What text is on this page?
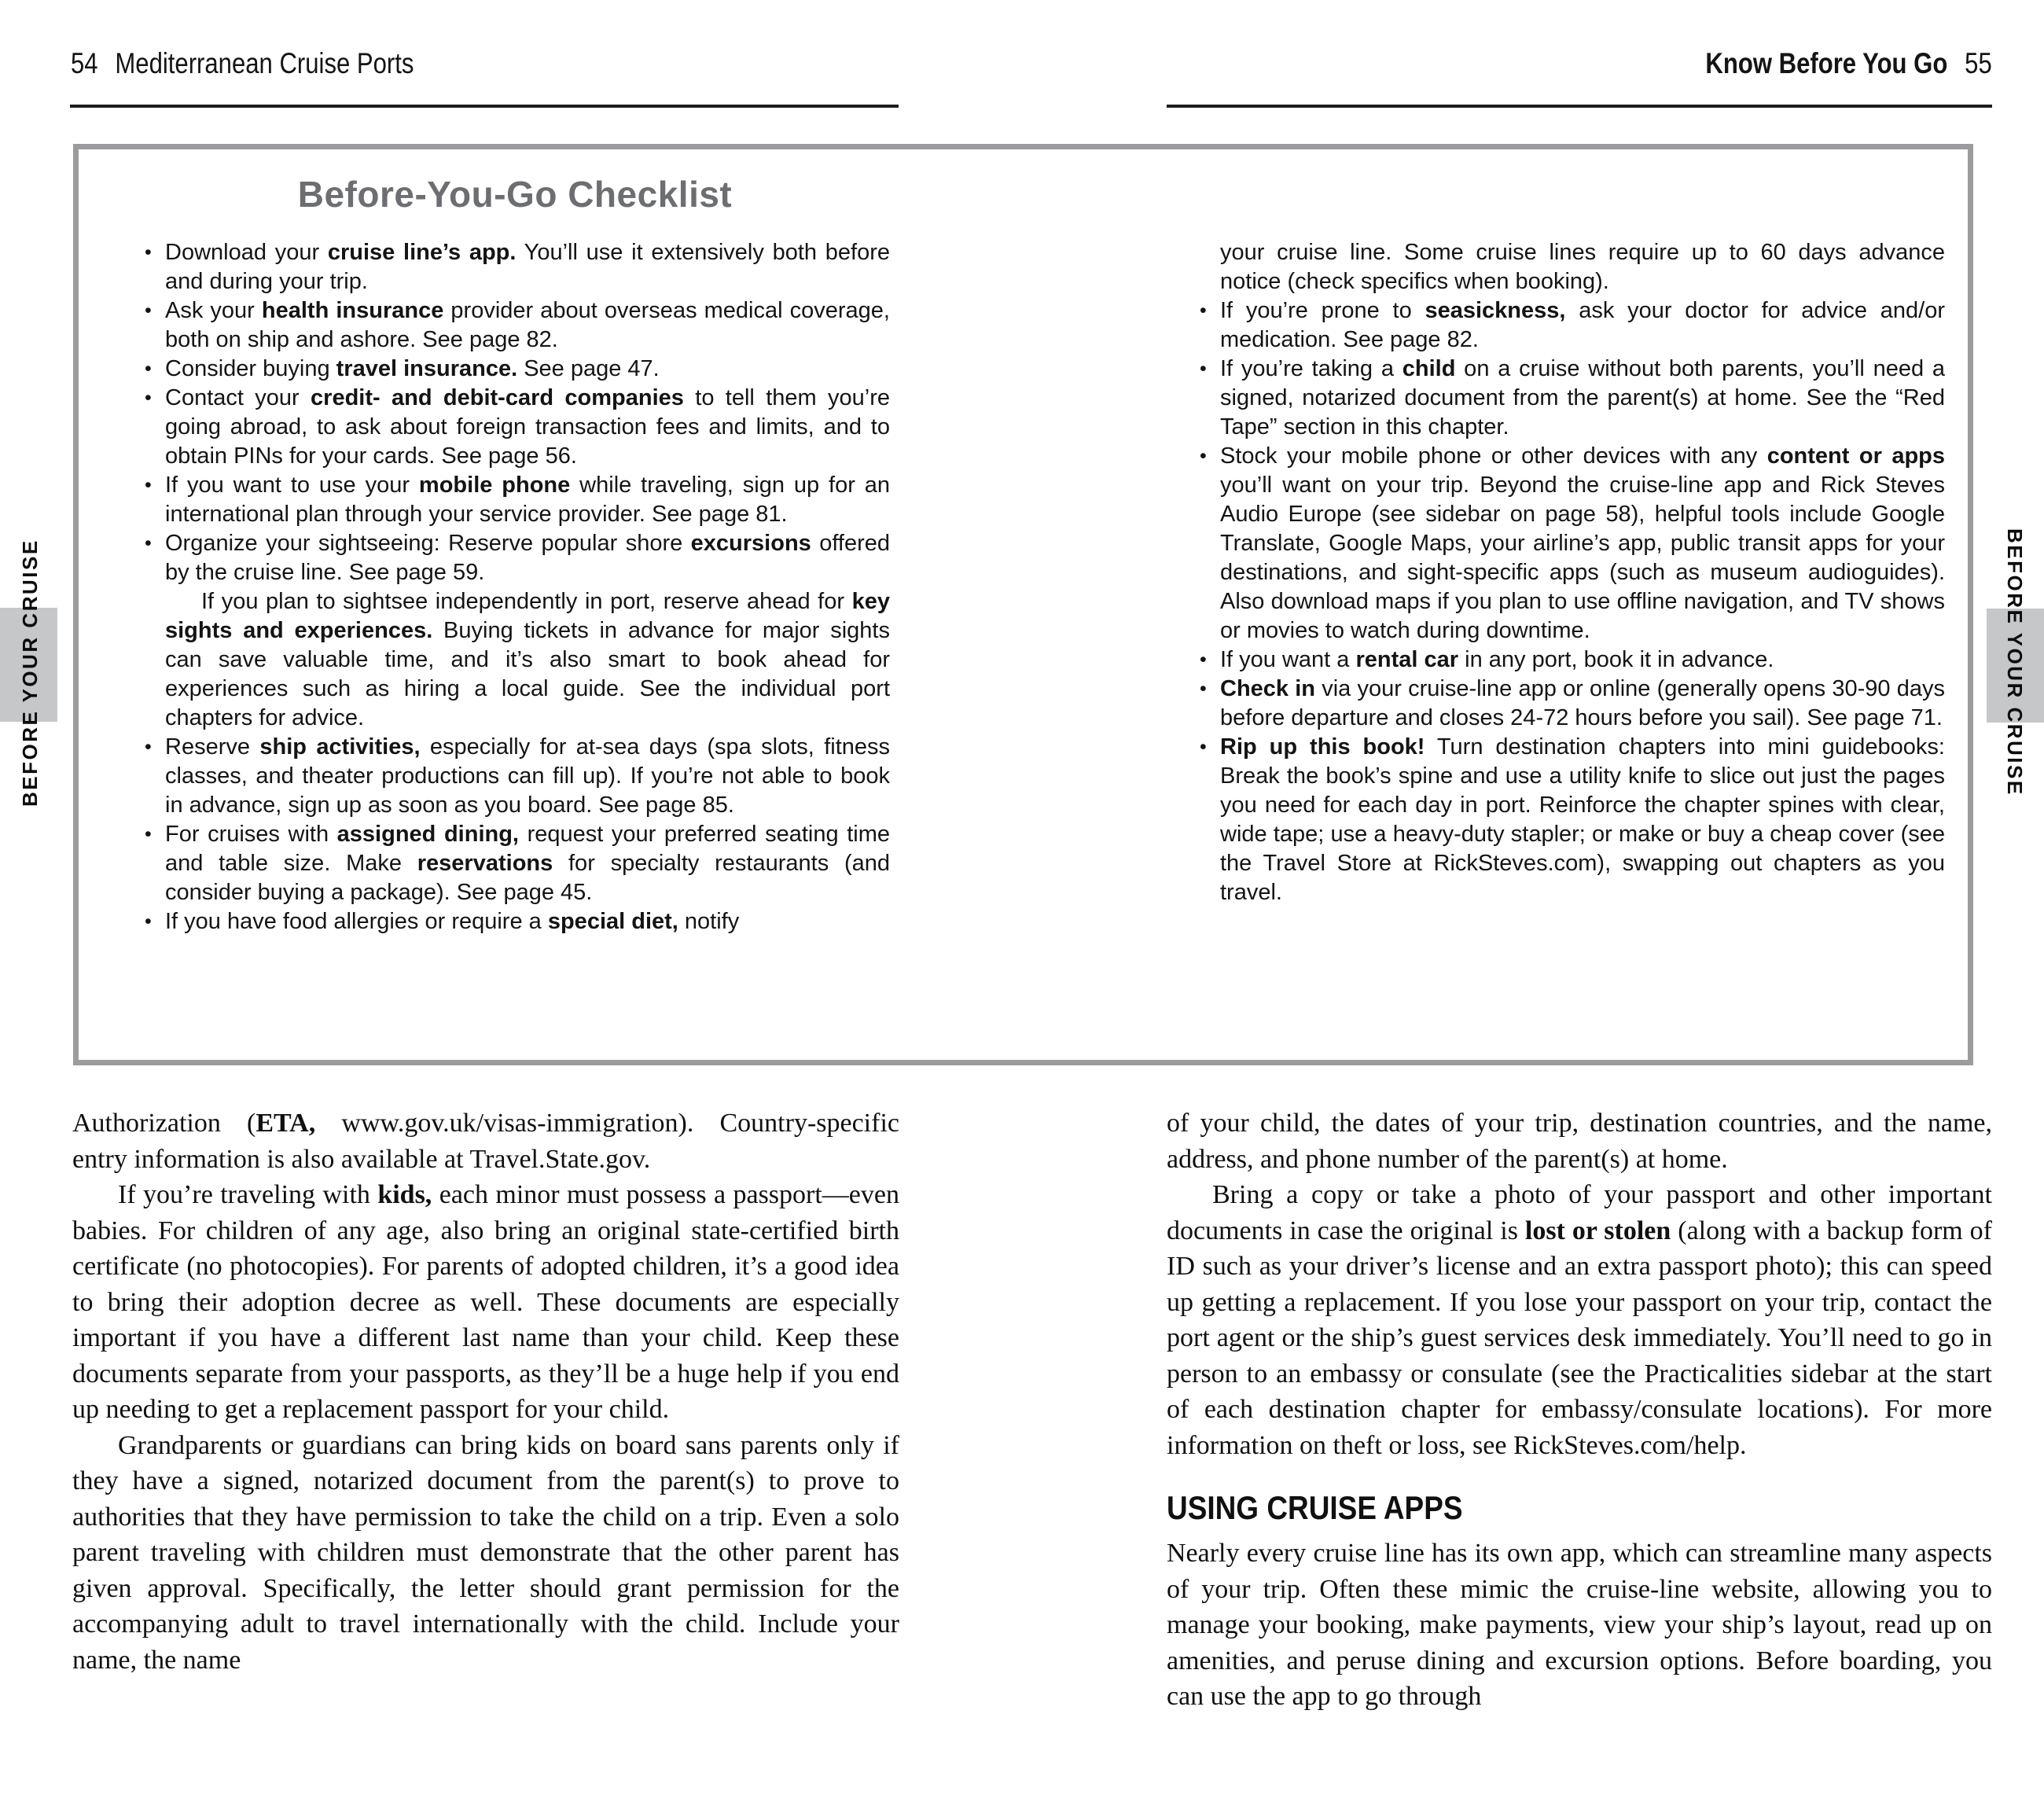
54 Mediterranean Cruise Ports	Know Before You Go 55
Before-You-Go Checklist
• Download your cruise line’s app. You’ll use it extensively both before and during your trip.
• Ask your health insurance provider about overseas medical coverage, both on ship and ashore. See page 82.
• Consider buying travel insurance. See page 47.
• Contact your credit- and debit-card companies to tell them you’re going abroad, to ask about foreign transaction fees and limits, and to obtain PINs for your cards. See page 56.
• If you want to use your mobile phone while traveling, sign up for an international plan through your service provider. See page 81.
• Organize your sightseeing: Reserve popular shore excursions offered by the cruise line. See page 59.
If you plan to sightsee independently in port, reserve ahead for key sights and experiences. Buying tickets in advance for major sights can save valuable time, and it’s also smart to book ahead for experiences such as hiring a local guide. See the individual port chapters for advice.
• Reserve ship activities, especially for at-sea days (spa slots, fitness classes, and theater productions can fill up). If you’re not able to book in advance, sign up as soon as you board. See page 85.
• For cruises with assigned dining, request your preferred seating time and table size. Make reservations for specialty restaurants (and consider buying a package). See page 45.
• If you have food allergies or require a special diet, notify
your cruise line. Some cruise lines require up to 60 days advance notice (check specifics when booking).
• If you’re prone to seasickness, ask your doctor for advice and/or medication. See page 82.
• If you’re taking a child on a cruise without both parents, you’ll need a signed, notarized document from the parent(s) at home. See the “Red Tape” section in this chapter.
• Stock your mobile phone or other devices with any content or apps you’ll want on your trip. Beyond the cruise-line app and Rick Steves Audio Europe (see sidebar on page 58), helpful tools include Google Translate, Google Maps, your airline’s app, public transit apps for your destinations, and sight-specific apps (such as museum audioguides). Also download maps if you plan to use offline navigation, and TV shows or movies to watch during downtime.
• If you want a rental car in any port, book it in advance.
• Check in via your cruise-line app or online (generally opens 30-90 days before departure and closes 24-72 hours before you sail). See page 71.
• Rip up this book! Turn destination chapters into mini guidebooks: Break the book’s spine and use a utility knife to slice out just the pages you need for each day in port. Reinforce the chapter spines with clear, wide tape; use a heavy-duty stapler; or make or buy a cheap cover (see the Travel Store at RickSteves.com), swapping out chapters as you travel.

Authorization (ETA, www.gov.uk/visas-immigration). Country-specific entry information is also available at Travel.State.gov.

If you’re traveling with kids, each minor must possess a passport—even babies. For children of any age, also bring an original state-certified birth certificate (no photocopies). For parents of adopted children, it’s a good idea to bring their adoption decree as well. These documents are especially important if you have a different last name than your child. Keep these documents separate from your passports, as they’ll be a huge help if you end up needing to get a replacement passport for your child.

Grandparents or guardians can bring kids on board sans parents only if they have a signed, notarized document from the parent(s) to prove to authorities that they have permission to take the child on a trip. Even a solo parent traveling with children must demonstrate that the other parent has given approval. Specifically, the letter should grant permission for the accompanying adult to travel internationally with the child. Include your name, the name

of your child, the dates of your trip, destination countries, and the name, address, and phone number of the parent(s) at home.

Bring a copy or take a photo of your passport and other important documents in case the original is lost or stolen (along with a backup form of ID such as your driver’s license and an extra passport photo); this can speed up getting a replacement. If you lose your passport on your trip, contact the port agent or the ship’s guest services desk immediately. You’ll need to go in person to an embassy or consulate (see the Practicalities sidebar at the start of each destination chapter for embassy/consulate locations). For more information on theft or loss, see RickSteves.com/help.

USING CRUISE APPS

Nearly every cruise line has its own app, which can streamline many aspects of your trip. Often these mimic the cruise-line website, allowing you to manage your booking, make payments, view your ship’s layout, read up on amenities, and peruse dining and excursion options. Before boarding, you can use the app to go through

BEFORE YOUR CRUISE	BEFORE YOUR CRUISE
